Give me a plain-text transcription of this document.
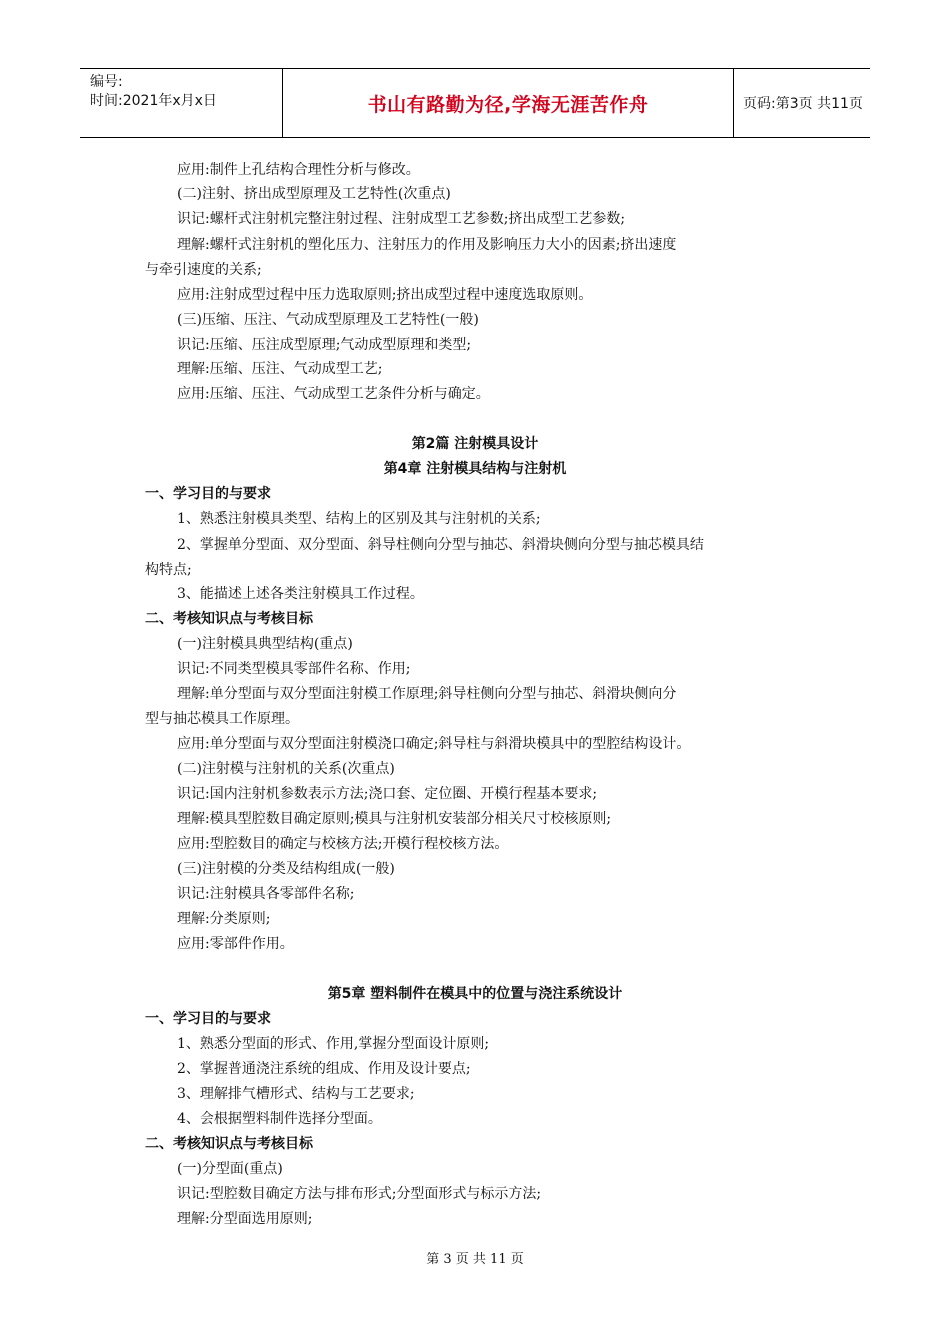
编号:
时间:2021年x月x日	书山有路勤为径,学海无涯苦作舟	页码:第3页 共11页
应用:制件上孔结构合理性分析与修改。
(二)注射、挤出成型原理及工艺特性(次重点)
识记:螺杆式注射机完整注射过程、注射成型工艺参数;挤出成型工艺参数;
理解:螺杆式注射机的塑化压力、注射压力的作用及影响压力大小的因素;挤出速度
与牵引速度的关系;
应用:注射成型过程中压力选取原则;挤出成型过程中速度选取原则。
(三)压缩、压注、气动成型原理及工艺特性(一般)
识记:压缩、压注成型原理;气动成型原理和类型;
理解:压缩、压注、气动成型工艺;
应用:压缩、压注、气动成型工艺条件分析与确定。
第2篇 注射模具设计
第4章 注射模具结构与注射机
一、学习目的与要求
1、熟悉注射模具类型、结构上的区别及其与注射机的关系;
2、掌握单分型面、双分型面、斜导柱侧向分型与抽芯、斜滑块侧向分型与抽芯模具结
构特点;
3、能描述上述各类注射模具工作过程。
二、考核知识点与考核目标
(一)注射模具典型结构(重点)
识记:不同类型模具零部件名称、作用;
理解:单分型面与双分型面注射模工作原理;斜导柱侧向分型与抽芯、斜滑块侧向分
型与抽芯模具工作原理。
应用:单分型面与双分型面注射模浇口确定;斜导柱与斜滑块模具中的型腔结构设计。
(二)注射模与注射机的关系(次重点)
识记:国内注射机参数表示方法;浇口套、定位圈、开模行程基本要求;
理解:模具型腔数目确定原则;模具与注射机安装部分相关尺寸校核原则;
应用:型腔数目的确定与校核方法;开模行程校核方法。
(三)注射模的分类及结构组成(一般)
识记:注射模具各零部件名称;
理解:分类原则;
应用:零部件作用。
第5章 塑料制件在模具中的位置与浇注系统设计
一、学习目的与要求
1、熟悉分型面的形式、作用,掌握分型面设计原则;
2、掌握普通浇注系统的组成、作用及设计要点;
3、理解排气槽形式、结构与工艺要求;
4、会根据塑料制件选择分型面。
二、考核知识点与考核目标
(一)分型面(重点)
识记:型腔数目确定方法与排布形式;分型面形式与标示方法;
理解:分型面选用原则;
第 3 页 共 11 页
